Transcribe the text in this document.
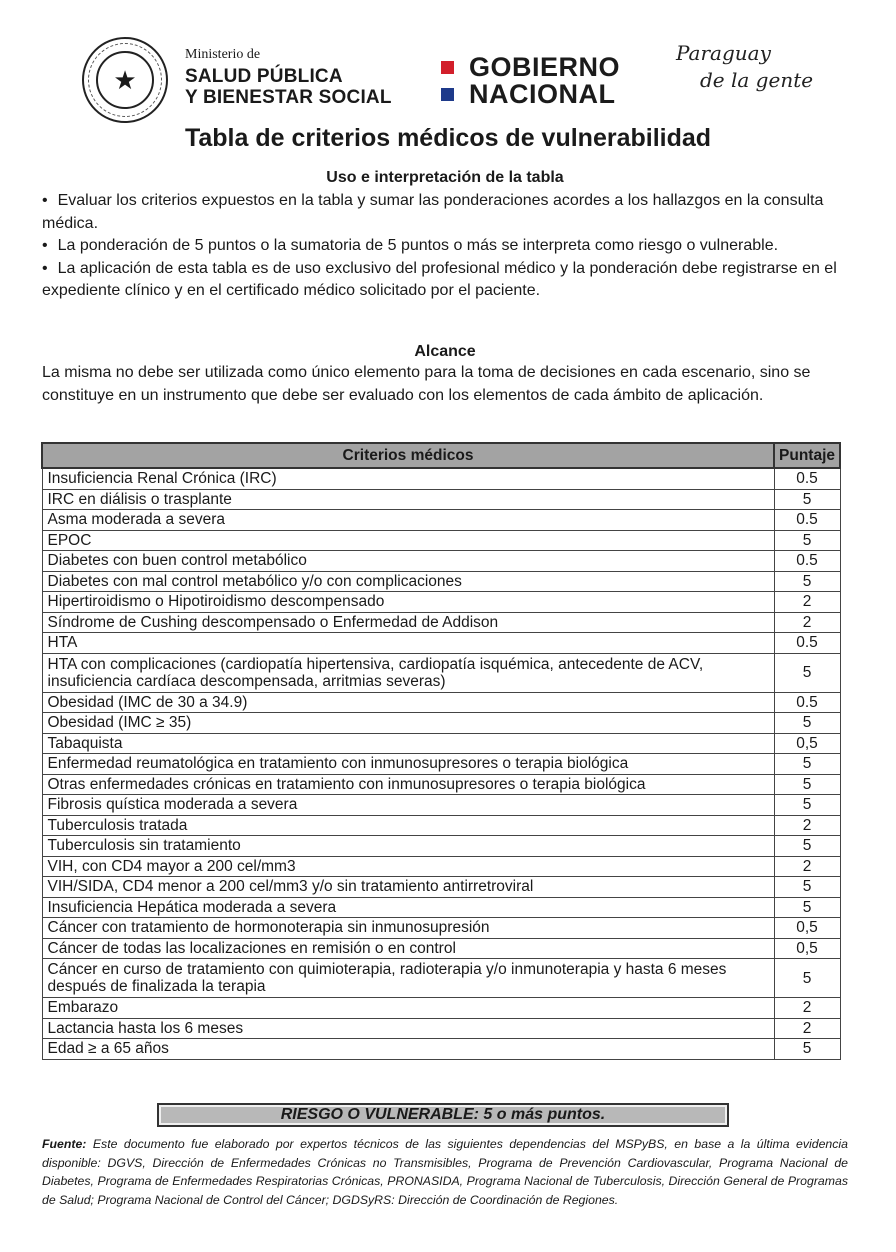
★
Ministerio de
SALUD PÚBLICA
Y BIENESTAR SOCIAL
GOBIERNO
NACIONAL
Paraguay
de la gente
Tabla de criterios médicos de vulnerabilidad
Uso e interpretación de la tabla
• Evaluar los criterios expuestos en la tabla y sumar las ponderaciones acordes a los hallazgos en la consulta médica.
• La ponderación de 5 puntos o la sumatoria de 5 puntos o más se interpreta como riesgo o vulnerable.
• La aplicación de esta tabla es de uso exclusivo del profesional médico y la ponderación debe registrarse en el expediente clínico y en el certificado médico solicitado por el paciente.
Alcance

La misma no debe ser utilizada como único elemento para la toma de decisiones en cada escenario, sino se constituye en un instrumento que debe ser evaluado con los elementos de cada ámbito de aplicación.

Criterios médicos	Puntaje
Insuficiencia Renal Crónica (IRC)	0.5
IRC en diálisis o trasplante	5
Asma moderada a severa	0.5
EPOC	5
Diabetes con buen control metabólico	0.5
Diabetes con mal control metabólico y/o con complicaciones	5
Hipertiroidismo o Hipotiroidismo descompensado	2
Síndrome de Cushing descompensado o Enfermedad de Addison	2
HTA	0.5
HTA con complicaciones (cardiopatía hipertensiva, cardiopatía isquémica, antecedente de ACV, insuficiencia cardíaca descompensada, arritmias severas)	5
Obesidad (IMC de 30 a 34.9)	0.5
Obesidad (IMC ≥ 35)	5
Tabaquista	0,5
Enfermedad reumatológica en tratamiento con inmunosupresores o terapia biológica	5
Otras enfermedades crónicas en tratamiento con inmunosupresores o terapia biológica	5
Fibrosis quística moderada a severa	5
Tuberculosis tratada	2
Tuberculosis sin tratamiento	5
VIH, con CD4 mayor a 200 cel/mm3	2
VIH/SIDA, CD4 menor a 200 cel/mm3 y/o sin tratamiento antirretroviral	5
Insuficiencia Hepática moderada a severa	5
Cáncer con tratamiento de hormonoterapia sin inmunosupresión	0,5
Cáncer de todas las localizaciones en remisión o en control	0,5
Cáncer en curso de tratamiento con quimioterapia, radioterapia y/o inmunoterapia y hasta 6 meses después de finalizada la terapia	5
Embarazo	2
Lactancia hasta los 6 meses	2
Edad ≥ a 65 años	5
RIESGO O VULNERABLE: 5 o más puntos.

Fuente: Este documento fue elaborado por expertos técnicos de las siguientes dependencias del MSPyBS, en base a la última evidencia disponible: DGVS, Dirección de Enfermedades Crónicas no Transmisibles, Programa de Prevención Cardiovascular, Programa Nacional de Diabetes, Programa de Enfermedades Respiratorias Crónicas, PRONASIDA, Programa Nacional de Tuberculosis, Dirección General de Programas de Salud; Programa Nacional de Control del Cáncer; DGDSyRS: Dirección de Coordinación de Regiones.
